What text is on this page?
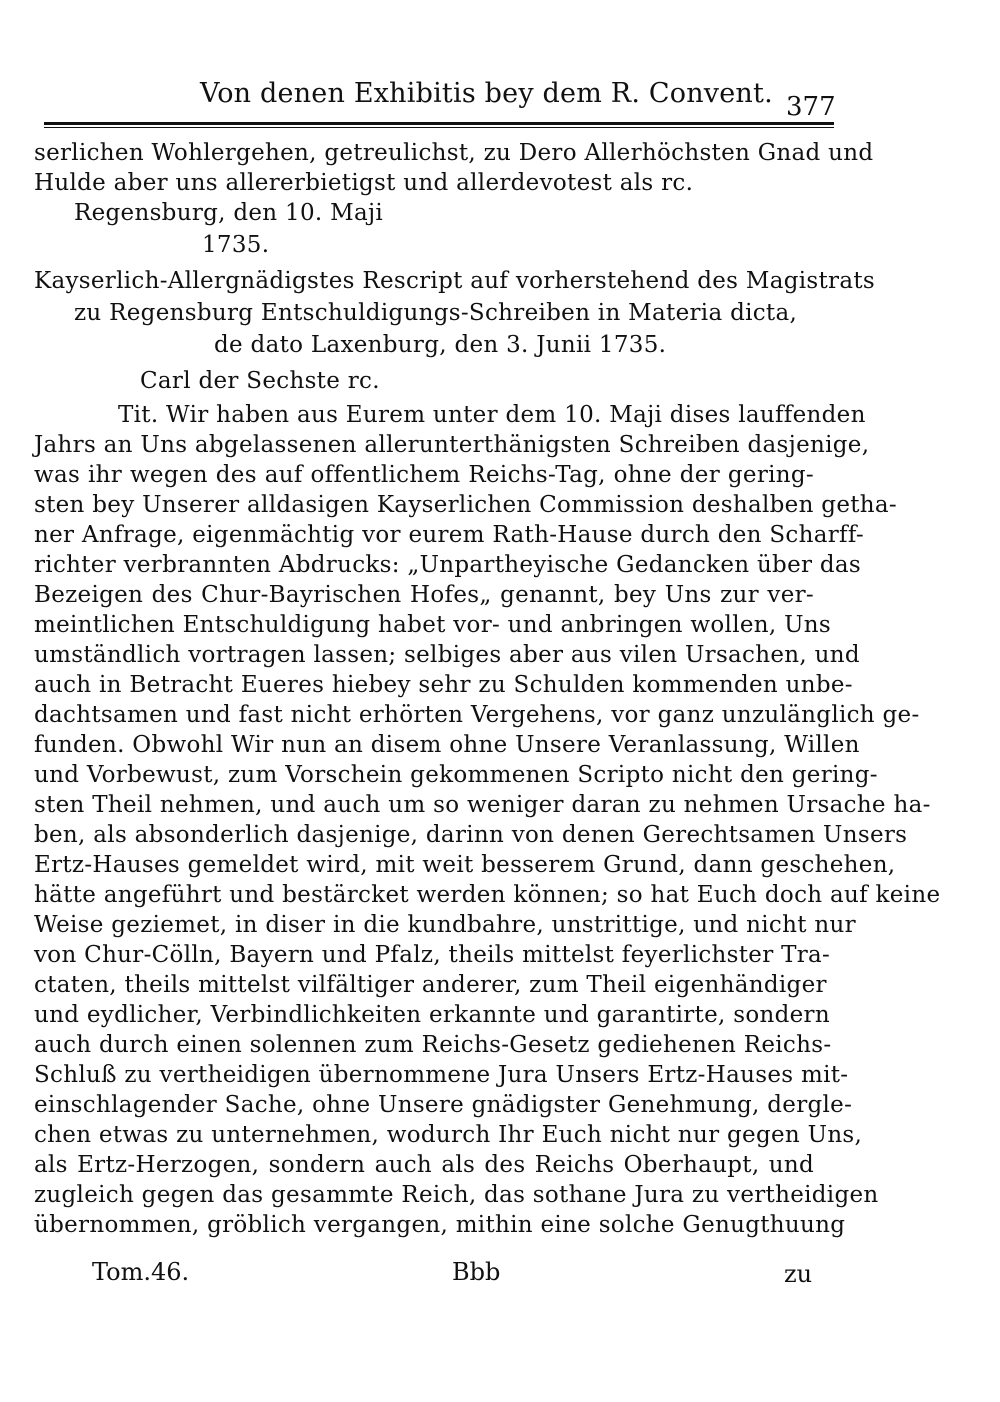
Von denen Exhibitis bey dem R. Convent. 377
serlichen Wohlergehen, getreulichst, zu Dero Allerhöchsten Gnad und
Hulde aber uns allererbietigst und allerdevotest als rc.
Regensburg, den 10. Maji
1735.
Kayserlich-Allergnädigstes Rescript auf vorherstehend des Magistrats
zu Regensburg Entschuldigungs-Schreiben in Materia dicta,
de dato Laxenburg, den 3. Junii 1735.
Carl der Sechste rc.
Tit. Wir haben aus Eurem unter dem 10. Maji dises lauffenden
Jahrs an Uns abgelassenen allerunterthänigsten Schreiben dasjenige,
was ihr wegen des auf offentlichem Reichs-Tag, ohne der gering-
sten bey Unserer alldasigen Kayserlichen Commission deshalben getha-
ner Anfrage, eigenmächtig vor eurem Rath-Hause durch den Scharff-
richter verbrannten Abdrucks: „Unpartheyische Gedancken über das
Bezeigen des Chur-Bayrischen Hofes„ genannt, bey Uns zur ver-
meintlichen Entschuldigung habet vor- und anbringen wollen, Uns
umständlich vortragen lassen; selbiges aber aus vilen Ursachen, und
auch in Betracht Eueres hiebey sehr zu Schulden kommenden unbe-
dachtsamen und fast nicht erhörten Vergehens, vor ganz unzulänglich ge-
funden. Obwohl Wir nun an disem ohne Unsere Veranlassung, Willen
und Vorbewust, zum Vorschein gekommenen Scripto nicht den gering-
sten Theil nehmen, und auch um so weniger daran zu nehmen Ursache ha-
ben, als absonderlich dasjenige, darinn von denen Gerechtsamen Unsers
Ertz-Hauses gemeldet wird, mit weit besserem Grund, dann geschehen,
hätte angeführt und bestärcket werden können; so hat Euch doch auf keine
Weise geziemet, in diser in die kundbahre, unstrittige, und nicht nur
von Chur-Cölln, Bayern und Pfalz, theils mittelst feyerlichster Tra-
ctaten, theils mittelst vilfältiger anderer, zum Theil eigenhändiger
und eydlicher, Verbindlichkeiten erkannte und garantirte, sondern
auch durch einen solennen zum Reichs-Gesetz gediehenen Reichs-
Schluß zu vertheidigen übernommene Jura Unsers Ertz-Hauses mit-
einschlagender Sache, ohne Unsere gnädigster Genehmung, dergle-
chen etwas zu unternehmen, wodurch Ihr Euch nicht nur gegen Uns,
als Ertz-Herzogen, sondern auch als des Reichs Oberhaupt, und
zugleich gegen das gesammte Reich, das sothane Jura zu vertheidigen
übernommen, gröblich vergangen, mithin eine solche Genugthuung
Tom.46.	Bbb	zu
